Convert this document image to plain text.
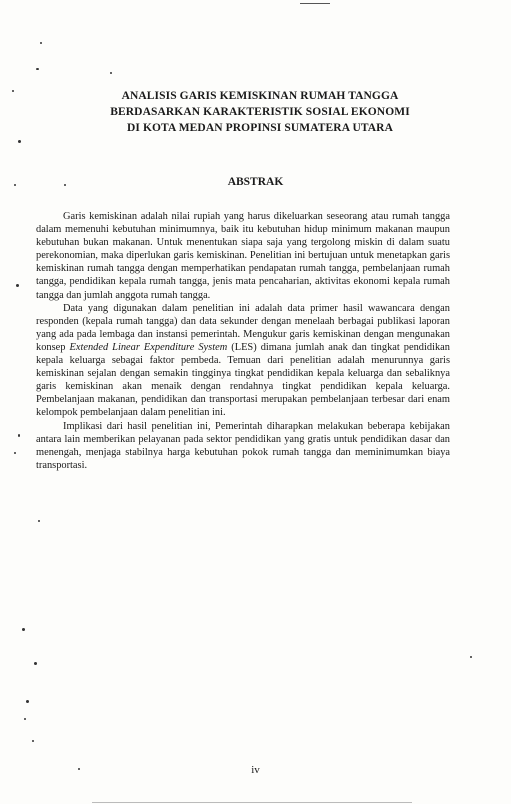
ANALISIS GARIS KEMISKINAN RUMAH TANGGA
BERDASARKAN KARAKTERISTIK SOSIAL EKONOMI
DI KOTA MEDAN PROPINSI SUMATERA UTARA
ABSTRAK

Garis kemiskinan adalah nilai rupiah yang harus dikeluarkan seseorang atau rumah tangga dalam memenuhi kebutuhan minimumnya, baik itu kebutuhan hidup minimum makanan maupun kebutuhan bukan makanan. Untuk menentukan siapa saja yang tergolong miskin di dalam suatu perekonomian, maka diperlukan garis kemiskinan. Penelitian ini bertujuan untuk menetapkan garis kemiskinan rumah tangga dengan memperhatikan pendapatan rumah tangga, pembelanjaan rumah tangga, pendidikan kepala rumah tangga, jenis mata pencaharian, aktivitas ekonomi kepala rumah tangga dan jumlah anggota rumah tangga.

Data yang digunakan dalam penelitian ini adalah data primer hasil wawancara dengan responden (kepala rumah tangga) dan data sekunder dengan menelaah berbagai publikasi laporan yang ada pada lembaga dan instansi pemerintah. Mengukur garis kemiskinan dengan mengunakan konsep Extended Linear Expenditure System (LES) dimana jumlah anak dan tingkat pendidikan kepala keluarga sebagai faktor pembeda. Temuan dari penelitian adalah menurunnya garis kemiskinan sejalan dengan semakin tingginya tingkat pendidikan kepala keluarga dan sebaliknya garis kemiskinan akan menaik dengan rendahnya tingkat pendidikan kepala keluarga. Pembelanjaan makanan, pendidikan dan transportasi merupakan pembelanjaan terbesar dari enam kelompok pembelanjaan dalam penelitian ini.

Implikasi dari hasil penelitian ini, Pemerintah diharapkan melakukan beberapa kebijakan antara lain memberikan pelayanan pada sektor pendidikan yang gratis untuk pendidikan dasar dan menengah, menjaga stabilnya harga kebutuhan pokok rumah tangga dan meminimumkan biaya transportasi.

iv
